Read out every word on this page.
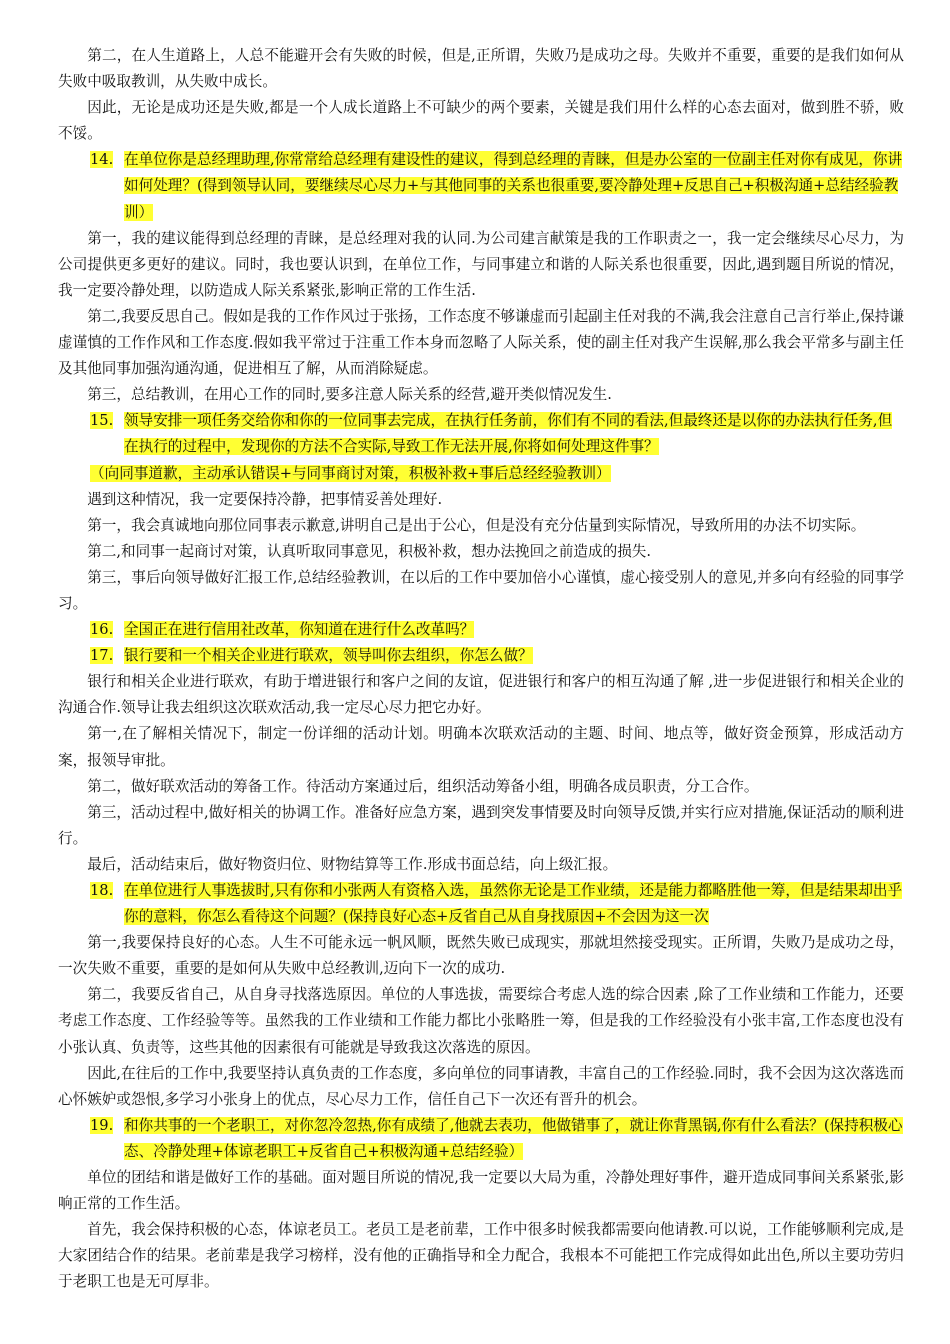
第二，在人生道路上，人总不能避开会有失败的时候，但是,正所谓，失败乃是成功之母。失败并不重要，重要的是我们如何从失败中吸取教训，从失败中成长。

因此，无论是成功还是失败,都是一个人成长道路上不可缺少的两个要素，关键是我们用什么样的心态去面对，做到胜不骄，败不馁。

14. 在单位你是总经理助理,你常常给总经理有建设性的建议，得到总经理的青睐，但是办公室的一位副主任对你有成见，你讲如何处理？(得到领导认同，要继续尽心尽力+与其他同事的关系也很重要,要冷静处理+反思自己+积极沟通+总结经验教训）

第一，我的建议能得到总经理的青睐，是总经理对我的认同.为公司建言献策是我的工作职责之一，我一定会继续尽心尽力，为公司提供更多更好的建议。同时，我也要认识到，在单位工作，与同事建立和谐的人际关系也很重要，因此,遇到题目所说的情况，我一定要冷静处理，以防造成人际关系紧张,影响正常的工作生活.

第二,我要反思自己。假如是我的工作作风过于张扬，工作态度不够谦虚而引起副主任对我的不满,我会注意自己言行举止,保持谦虚谨慎的工作作风和工作态度.假如我平常过于注重工作本身而忽略了人际关系，使的副主任对我产生误解,那么我会平常多与副主任及其他同事加强沟通沟通，促进相互了解，从而消除疑虑。

第三，总结教训，在用心工作的同时,要多注意人际关系的经营,避开类似情况发生.

15. 领导安排一项任务交给你和你的一位同事去完成，在执行任务前，你们有不同的看法,但最终还是以你的办法执行任务,但在执行的过程中，发现你的方法不合实际,导致工作无法开展,你将如何处理这件事？

（向同事道歉，主动承认错误+与同事商讨对策，积极补救+事后总经经验教训）

遇到这种情况，我一定要保持冷静，把事情妥善处理好.

第一，我会真诚地向那位同事表示歉意,讲明自己是出于公心，但是没有充分估量到实际情况，导致所用的办法不切实际。

第二,和同事一起商讨对策，认真听取同事意见，积极补救，想办法挽回之前造成的损失.

第三，事后向领导做好汇报工作,总结经验教训，在以后的工作中要加倍小心谨慎，虚心接受别人的意见,并多向有经验的同事学习。

16. 全国正在进行信用社改革，你知道在进行什么改革吗？
17. 银行要和一个相关企业进行联欢，领导叫你去组织，你怎么做？

银行和相关企业进行联欢，有助于增进银行和客户之间的友谊，促进银行和客户的相互沟通了解 ,进一步促进银行和相关企业的沟通合作.领导让我去组织这次联欢活动,我一定尽心尽力把它办好。

第一,在了解相关情况下，制定一份详细的活动计划。明确本次联欢活动的主题、时间、地点等，做好资金预算，形成活动方案，报领导审批。

第二，做好联欢活动的筹备工作。待活动方案通过后，组织活动筹备小组，明确各成员职责，分工合作。

第三，活动过程中,做好相关的协调工作。准备好应急方案，遇到突发事情要及时向领导反馈,并实行应对措施,保证活动的顺利进行。

最后，活动结束后，做好物资归位、财物结算等工作.形成书面总结，向上级汇报。

18. 在单位进行人事选拔时,只有你和小张两人有资格入选，虽然你无论是工作业绩，还是能力都略胜他一筹，但是结果却出乎你的意料，你怎么看待这个问题？(保持良好心态+反省自己从自身找原因+不会因为这一次

第一,我要保持良好的心态。人生不可能永远一帆风顺，既然失败已成现实，那就坦然接受现实。正所谓，失败乃是成功之母，一次失败不重要，重要的是如何从失败中总经教训,迈向下一次的成功.

第二，我要反省自己，从自身寻找落选原因。单位的人事选拔，需要综合考虑人选的综合因素 ,除了工作业绩和工作能力，还要考虑工作态度、工作经验等等。虽然我的工作业绩和工作能力都比小张略胜一筹，但是我的工作经验没有小张丰富,工作态度也没有小张认真、负责等，这些其他的因素很有可能就是导致我这次落选的原因。

因此,在往后的工作中,我要坚持认真负责的工作态度，多向单位的同事请教，丰富自己的工作经验.同时，我不会因为这次落选而心怀嫉妒或怨恨,多学习小张身上的优点，尽心尽力工作，信任自己下一次还有晋升的机会。

19. 和你共事的一个老职工，对你忽冷忽热,你有成绩了,他就去表功，他做错事了，就让你背黑锅,你有什么看法？(保持积极心态、冷静处理+体谅老职工+反省自己+积极沟通+总结经验）

单位的团结和谐是做好工作的基础。面对题目所说的情况,我一定要以大局为重，冷静处理好事件，避开造成同事间关系紧张,影响正常的工作生活。

首先，我会保持积极的心态，体谅老员工。老员工是老前辈，工作中很多时候我都需要向他请教.可以说，工作能够顺利完成,是大家团结合作的结果。老前辈是我学习榜样，没有他的正确指导和全力配合，我根本不可能把工作完成得如此出色,所以主要功劳归于老职工也是无可厚非。
